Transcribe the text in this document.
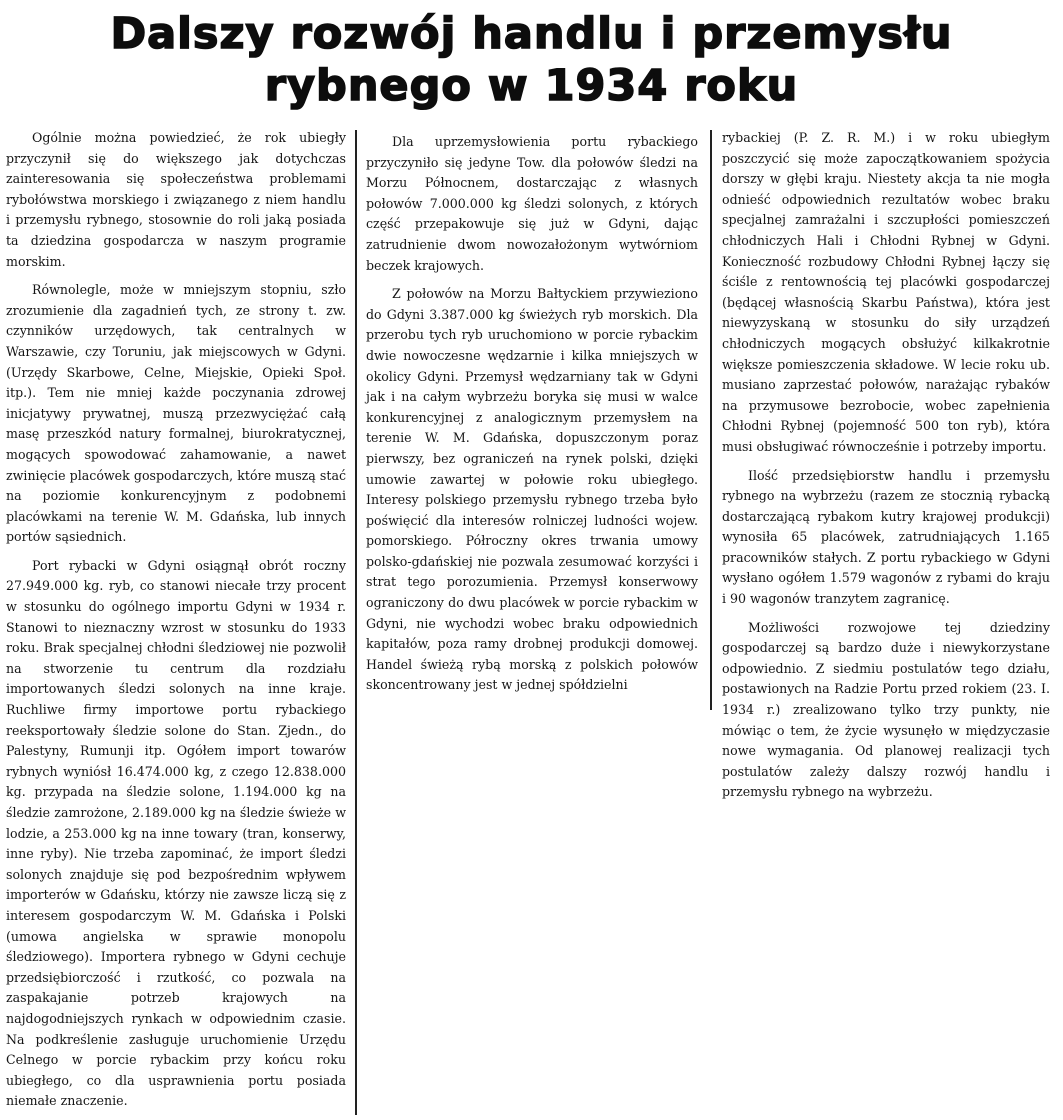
Dalszy rozwój handlu i przemysłu
rybnego w 1934 roku

Ogólnie można powiedzieć, że rok ubiegły przyczynił się do większego jak dotychczas zainteresowania się społeczeństwa problemami rybołówstwa morskiego i związanego z niem handlu i przemysłu rybnego, stosownie do roli jaką posiada ta dziedzina gospodarcza w naszym programie morskim.

Równolegle, może w mniejszym stopniu, szło zrozumienie dla zagadnień tych, ze strony t. zw. czynników urzędowych, tak centralnych w Warszawie, czy Toruniu, jak miejscowych w Gdyni. (Urzędy Skarbowe, Celne, Miejskie, Opieki Społ. itp.). Tem nie mniej każde poczynania zdrowej inicjatywy prywatnej, muszą przezwyciężać całą masę przeszkód natury formalnej, biurokratycznej, mogących spowodować zahamowanie, a nawet zwinięcie placówek gospodarczych, które muszą stać na poziomie konkurencyjnym z podobnemi placówkami na terenie W. M. Gdańska, lub innych portów sąsiednich.

Port rybacki w Gdyni osiągnął obrót roczny 27.949.000 kg. ryb, co stanowi niecałe trzy procent w stosunku do ogólnego importu Gdyni w 1934 r. Stanowi to nieznaczny wzrost w stosunku do 1933 roku. Brak specjalnej chłodni śledziowej nie pozwolił na stworzenie tu centrum dla rozdziału importowanych śledzi solonych na inne kraje. Ruchliwe firmy importowe portu rybackiego reeksportowały śledzie solone do Stan. Zjedn., do Palestyny, Rumunji itp. Ogółem import towarów rybnych wyniósł 16.474.000 kg, z czego 12.838.000 kg. przypada na śledzie solone, 1.194.000 kg na śledzie zamrożone, 2.189.000 kg na śledzie świeże w lodzie, a 253.000 kg na inne towary (tran, konserwy, inne ryby). Nie trzeba zapominać, że import śledzi solonych znajduje się pod bezpośrednim wpływem importerów w Gdańsku, którzy nie zawsze liczą się z interesem gospodarczym W. M. Gdańska i Polski (umowa angielska w sprawie monopolu śledziowego). Importera rybnego w Gdyni cechuje przedsiębiorczość i rzutkość, co pozwala na zaspakajanie potrzeb krajowych na najdogodniejszych rynkach w odpowiednim czasie. Na podkreślenie zasługuje uruchomienie Urzędu Celnego w porcie rybackim przy końcu roku ubiegłego, co dla usprawnienia portu posiada niemałe znaczenie.

Dla uprzemysłowienia portu rybackiego przyczyniło się jedyne Tow. dla połowów śledzi na Morzu Północnem, dostarczając z własnych połowów 7.000.000 kg śledzi solonych, z których część przepakowuje się już w Gdyni, dając zatrudnienie dwom nowozałożonym wytwórniom beczek krajowych.

Z połowów na Morzu Bałtyckiem przywieziono do Gdyni 3.387.000 kg świeżych ryb morskich. Dla przerobu tych ryb uruchomiono w porcie rybackim dwie nowoczesne wędzarnie i kilka mniejszych w okolicy Gdyni. Przemysł wędzarniany tak w Gdyni jak i na całym wybrzeżu boryka się musi w walce konkurencyjnej z analogicznym przemysłem na terenie W. M. Gdańska, dopuszczonym poraz pierwszy, bez ograniczeń na rynek polski, dzięki umowie zawartej w połowie roku ubiegłego. Interesy polskiego przemysłu rybnego trzeba było poświęcić dla interesów rolniczej ludności wojew. pomorskiego. Półroczny okres trwania umowy polsko-gdańskiej nie pozwala zesumować korzyści i strat tego porozumienia. Przemysł konserwowy ograniczony do dwu placówek w porcie rybackim w Gdyni, nie wychodzi wobec braku odpowiednich kapitałów, poza ramy drobnej produkcji domowej. Handel świeżą rybą morską z polskich połowów skoncentrowany jest w jednej spółdzielni

rybackiej (P. Z. R. M.) i w roku ubiegłym poszczycić się może zapoczątkowaniem spożycia dorszy w głębi kraju. Niestety akcja ta nie mogła odnieść odpowiednich rezultatów wobec braku specjalnej zamrażalni i szczupłości pomieszczeń chłodniczych Hali i Chłodni Rybnej w Gdyni. Konieczność rozbudowy Chłodni Rybnej łączy się ściśle z rentownością tej placówki gospodarczej (będącej własnością Skarbu Państwa), która jest niewyzyskaną w stosunku do siły urządzeń chłodniczych mogących obsłużyć kilkakrotnie większe pomieszczenia składowe. W lecie roku ub. musiano zaprzestać połowów, narażając rybaków na przymusowe bezrobocie, wobec zapełnienia Chłodni Rybnej (pojemność 500 ton ryb), która musi obsługiwać równocześnie i potrzeby importu.

Ilość przedsiębiorstw handlu i przemysłu rybnego na wybrzeżu (razem ze stocznią rybacką dostarczającą rybakom kutry krajowej produkcji) wynosiła 65 placówek, zatrudniających 1.165 pracowników stałych. Z portu rybackiego w Gdyni wysłano ogółem 1.579 wagonów z rybami do kraju i 90 wagonów tranzytem zagranicę.

Możliwości rozwojowe tej dziedziny gospodarczej są bardzo duże i niewykorzystane odpowiednio. Z siedmiu postulatów tego działu, postawionych na Radzie Portu przed rokiem (23. I. 1934 r.) zrealizowano tylko trzy punkty, nie mówiąc o tem, że życie wysunęło w międzyczasie nowe wymagania. Od planowej realizacji tych postulatów zależy dalszy rozwój handlu i przemysłu rybnego na wybrzeżu.
